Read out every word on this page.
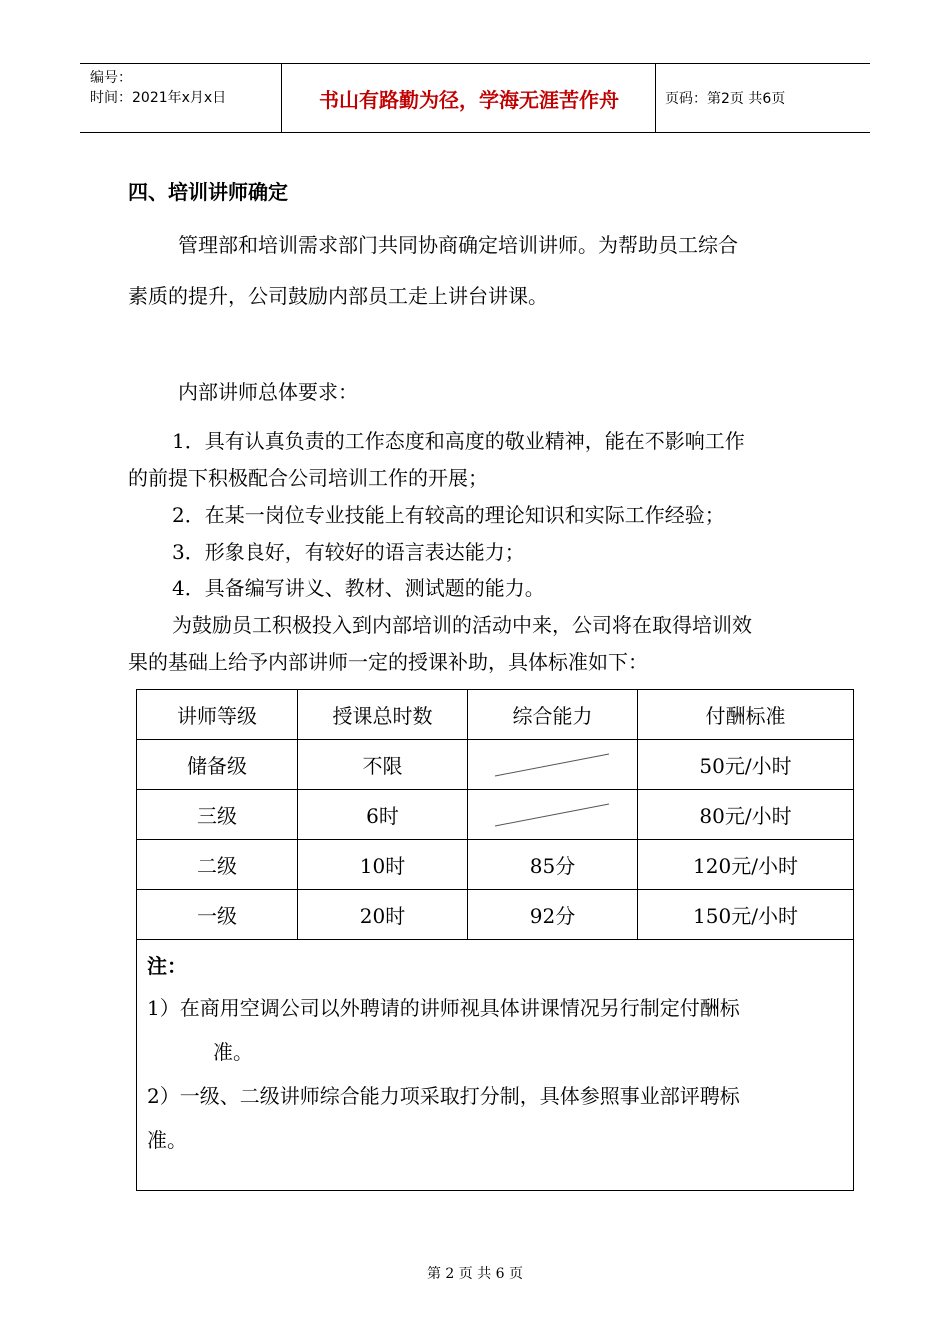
编号：
时间：2021年x月x日	书山有路勤为径，学海无涯苦作舟	页码：第2页 共6页
四、培训讲师确定
管理部和培训需求部门共同协商确定培训讲师。为帮助员工综合
素质的提升，公司鼓励内部员工走上讲台讲课。
内部讲师总体要求：
1．具有认真负责的工作态度和高度的敬业精神，能在不影响工作
的前提下积极配合公司培训工作的开展；
2．在某一岗位专业技能上有较高的理论知识和实际工作经验；
3．形象良好，有较好的语言表达能力；
4．具备编写讲义、教材、测试题的能力。
为鼓励员工积极投入到内部培训的活动中来，公司将在取得培训效
果的基础上给予内部讲师一定的授课补助，具体标准如下：
讲师等级	授课总时数	综合能力	付酬标准
储备级	不限		50元/小时
三级	6时		80元/小时
二级	10时	85分	120元/小时
一级	20时	92分	150元/小时

注：
1）在商用空调公司以外聘请的讲师视具体讲课情况另行制定付酬标
准。
2）一级、二级讲师综合能力项采取打分制，具体参照事业部评聘标
准。			
第 2 页 共 6 页
